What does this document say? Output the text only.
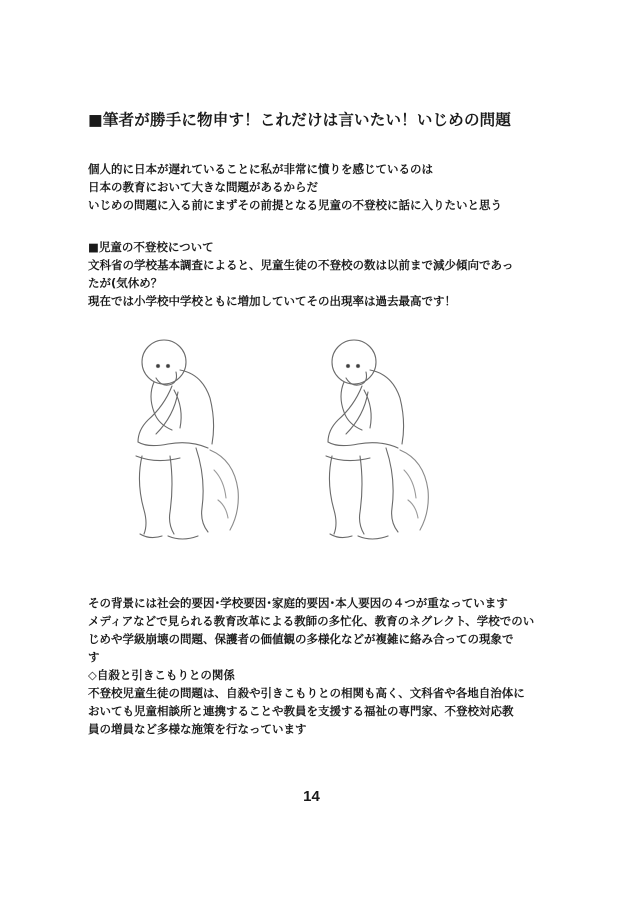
■筆者が勝手に物申す！これだけは言いたい！いじめの問題

個人的に日本が遅れていることに私が非常に憤りを感じているのは

日本の教育において大きな問題があるからだ

いじめの問題に入る前にまずその前提となる児童の不登校に話に入りたいと思う

■児童の不登校について

文科省の学校基本調査によると、児童生徒の不登校の数は以前まで減少傾向であっ

たが(気休め？

現在では小学校中学校ともに増加していてその出現率は過去最高です！

その背景には社会的要因･学校要因･家庭的要因･本人要因の４つが重なっています

メディアなどで見られる教育改革による教師の多忙化、教育のネグレクト、学校でのい

じめや学級崩壊の問題、保護者の価値観の多様化などが複雑に絡み合っての現象で

す

◇自殺と引きこもりとの関係

不登校児童生徒の問題は、自殺や引きこもりとの相関も高く、文科省や各地自治体に

おいても児童相談所と連携することや教員を支援する福祉の専門家、不登校対応教

員の増員など多様な施策を行なっています

14
